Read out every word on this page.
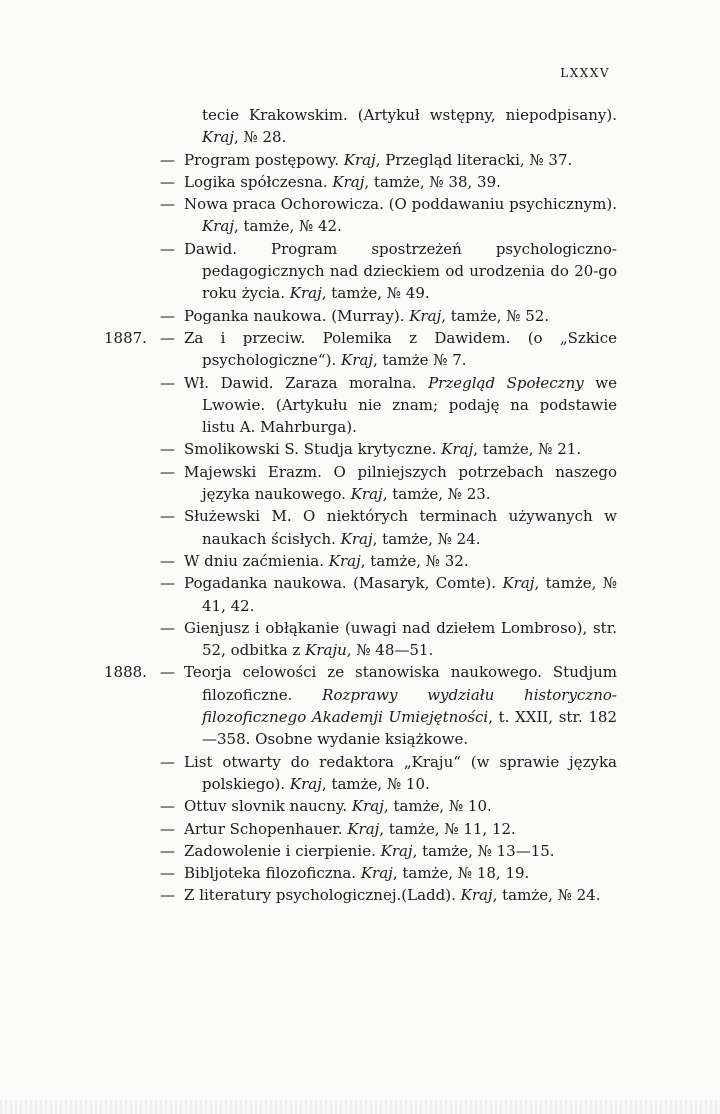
LXXXV
tecie Krakowskim. (Artykuł wstępny, niepodpisany). Kraj, № 28.
— Program postępowy. Kraj, Przegląd literacki, № 37.
— Logika spółczesna. Kraj, tamże, № 38, 39.
— Nowa praca Ochorowicza. (O poddawaniu psychicznym). Kraj, tamże, № 42.
— Dawid. Program spostrzeżeń psychologiczno-pedagogicznych nad dzieckiem od urodzenia do 20-go roku życia. Kraj, tamże, № 49.
— Poganka naukowa. (Murray). Kraj, tamże, № 52.
1887. — Za i przeciw. Polemika z Dawidem. (o „Szkice psychologiczne“). Kraj, tamże № 7.
— Wł. Dawid. Zaraza moralna. Przegląd Społeczny we Lwowie. (Artykułu nie znam; podaję na podstawie listu A. Mahrburga).
— Smolikowski S. Studja krytyczne. Kraj, tamże, № 21.
— Majewski Erazm. O pilniejszych potrzebach naszego języka naukowego. Kraj, tamże, № 23.
— Służewski M. O niektórych terminach używanych w naukach ścisłych. Kraj, tamże, № 24.
— W dniu zaćmienia. Kraj, tamże, № 32.
— Pogadanka naukowa. (Masaryk, Comte). Kraj, tamże, № 41, 42.
— Gienjusz i obłąkanie (uwagi nad dziełem Lombroso), str. 52, odbitka z Kraju, № 48—51.
1888. — Teorja celowości ze stanowiska naukowego. Studjum filozoficzne. Rozprawy wydziału historyczno-filozoficznego Akademji Umiejętności, t. XXII, str. 182—358. Osobne wydanie książkowe.
— List otwarty do redaktora „Kraju“ (w sprawie języka polskiego). Kraj, tamże, № 10.
— Ottuv slovnik naucny. Kraj, tamże, № 10.
— Artur Schopenhauer. Kraj, tamże, № 11, 12.
— Zadowolenie i cierpienie. Kraj, tamże, № 13—15.
— Bibljoteka filozoficzna. Kraj, tamże, № 18, 19.
— Z literatury psychologicznej.(Ladd). Kraj, tamże, № 24.
